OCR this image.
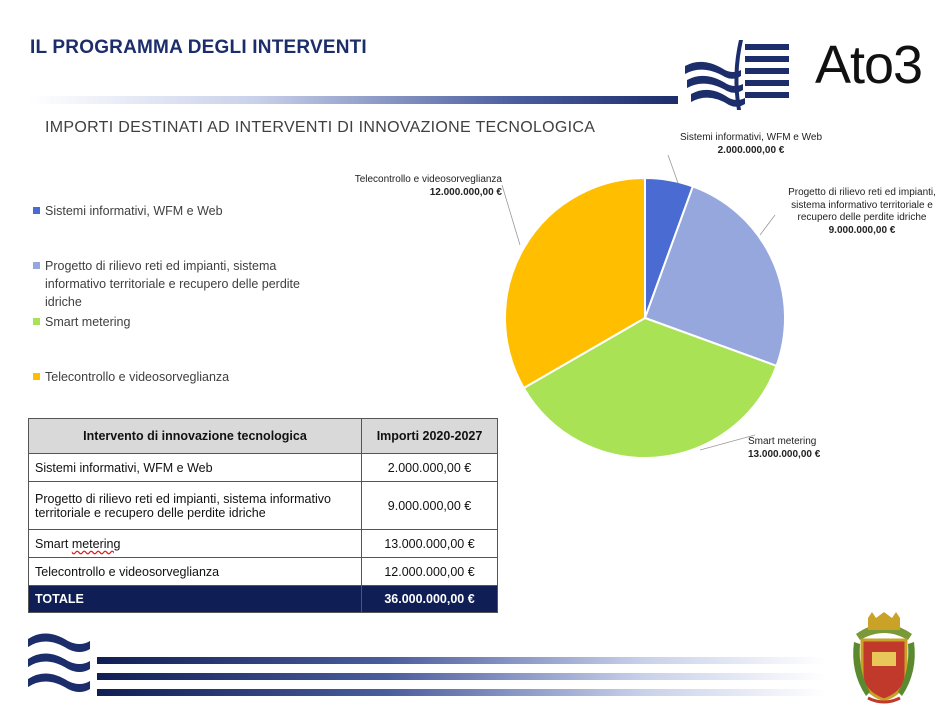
IL PROGRAMMA DEGLI INTERVENTI	Ato3
IMPORTI DESTINATI AD INTERVENTI DI INNOVAZIONE TECNOLOGICA
Sistemi informativi, WFM e Web
Progetto di rilievo reti ed impianti, sistema informativo territoriale e recupero delle perdite idriche
Smart metering
Telecontrollo e videosorveglianza
Sistemi informativi, WFM e Web
2.000.000,00 €
Progetto di rilievo reti ed impianti, sistema informativo territoriale e recupero delle perdite idriche
9.000.000,00 €
Smart metering
13.000.000,00 €
Telecontrollo e videosorveglianza
12.000.000,00 €
Intervento di innovazione tecnologica	Importi 2020-2027
Sistemi informativi, WFM e Web	2.000.000,00 €
Progetto di rilievo reti ed impianti, sistema informativo territoriale e recupero delle perdite idriche	9.000.000,00 €
Smart metering	13.000.000,00 €
Telecontrollo e videosorveglianza	12.000.000,00 €
TOTALE	36.000.000,00 €
